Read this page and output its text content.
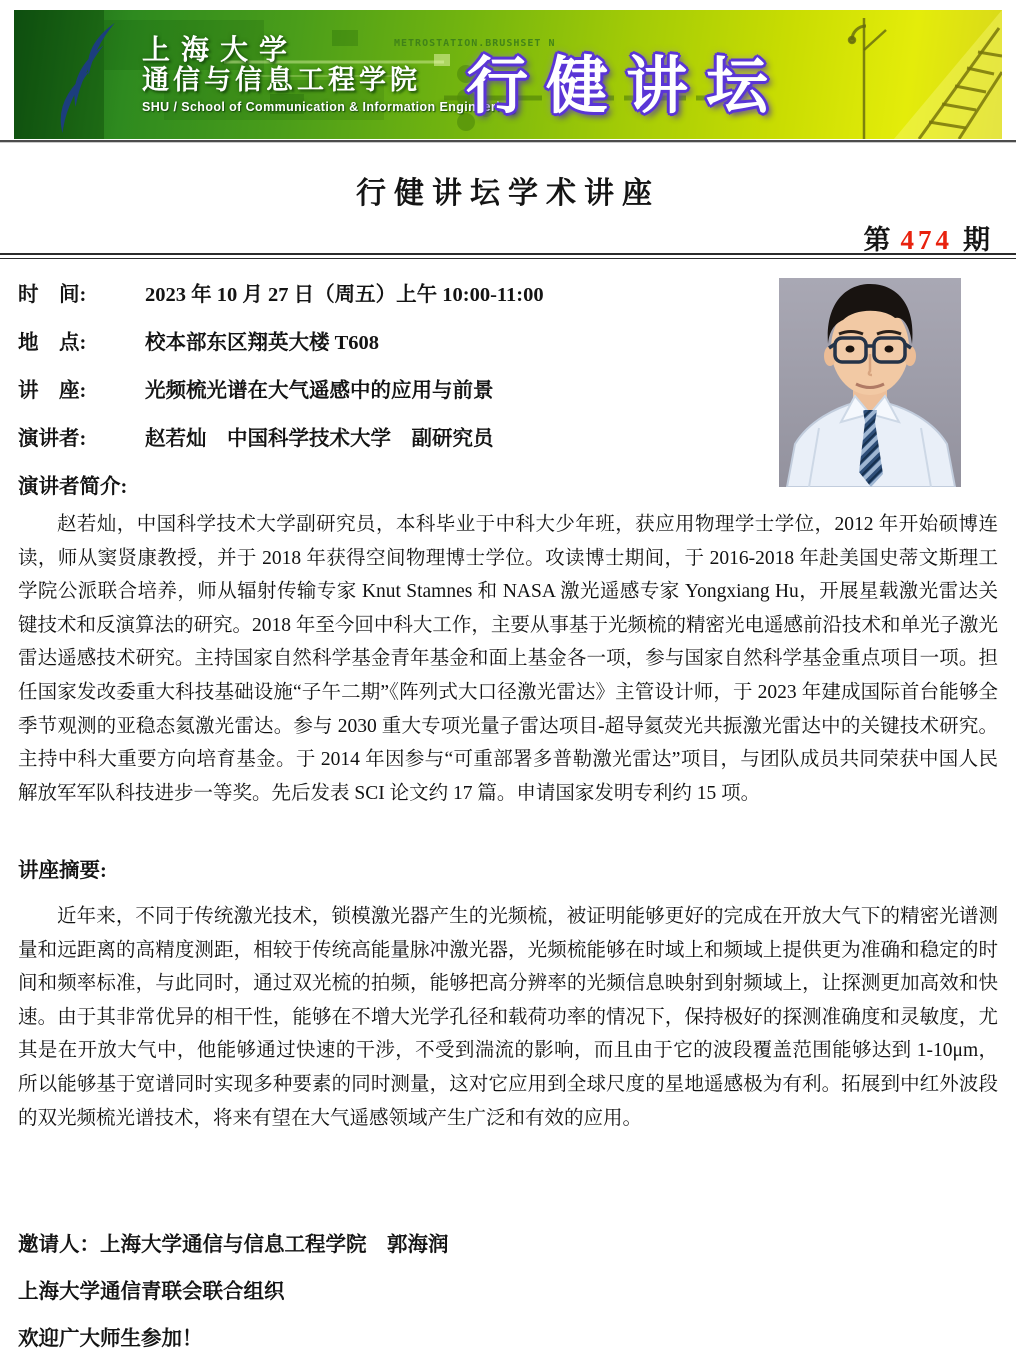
上海大学
通信与信息工程学院
SHU / School of Communication & Information Engineering
METROSTATION.BRUSHSET N
行健讲坛
行健讲坛学术讲座
第 474 期
时　间:	2023 年 10 月 27 日（周五）上午 10:00-11:00
地　点:	校本部东区翔英大楼 T608
讲　座:	光频梳光谱在大气遥感中的应用与前景
演讲者:	赵若灿　中国科学技术大学　副研究员
演讲者简介:

赵若灿，中国科学技术大学副研究员，本科毕业于中科大少年班，获应用物理学士学位，2012 年开始硕博连读，师从窦贤康教授，并于 2018 年获得空间物理博士学位。攻读博士期间，于 2016-2018 年赴美国史蒂文斯理工学院公派联合培养，师从辐射传输专家 Knut Stamnes 和 NASA 激光遥感专家 Yongxiang Hu，开展星载激光雷达关键技术和反演算法的研究。2018 年至今回中科大工作，主要从事基于光频梳的精密光电遥感前沿技术和单光子激光雷达遥感技术研究。主持国家自然科学基金青年基金和面上基金各一项，参与国家自然科学基金重点项目一项。担任国家发改委重大科技基础设施“子午二期”《阵列式大口径激光雷达》主管设计师，于 2023 年建成国际首台能够全季节观测的亚稳态氦激光雷达。参与 2030 重大专项光量子雷达项目-超导氦荧光共振激光雷达中的关键技术研究。主持中科大重要方向培育基金。于 2014 年因参与“可重部署多普勒激光雷达”项目，与团队成员共同荣获中国人民解放军军队科技进步一等奖。先后发表 SCI 论文约 17 篇。申请国家发明专利约 15 项。

讲座摘要:

近年来，不同于传统激光技术，锁模激光器产生的光频梳，被证明能够更好的完成在开放大气下的精密光谱测量和远距离的高精度测距，相较于传统高能量脉冲激光器，光频梳能够在时域上和频域上提供更为准确和稳定的时间和频率标准，与此同时，通过双光梳的拍频，能够把高分辨率的光频信息映射到射频域上，让探测更加高效和快速。由于其非常优异的相干性，能够在不增大光学孔径和载荷功率的情况下，保持极好的探测准确度和灵敏度，尤其是在开放大气中，他能够通过快速的干涉，不受到湍流的影响，而且由于它的波段覆盖范围能够达到 1-10μm，所以能够基于宽谱同时实现多种要素的同时测量，这对它应用到全球尺度的星地遥感极为有利。拓展到中红外波段的双光频梳光谱技术，将来有望在大气遥感领域产生广泛和有效的应用。

邀请人：上海大学通信与信息工程学院　郭海润
上海大学通信青联会联合组织
欢迎广大师生参加！
